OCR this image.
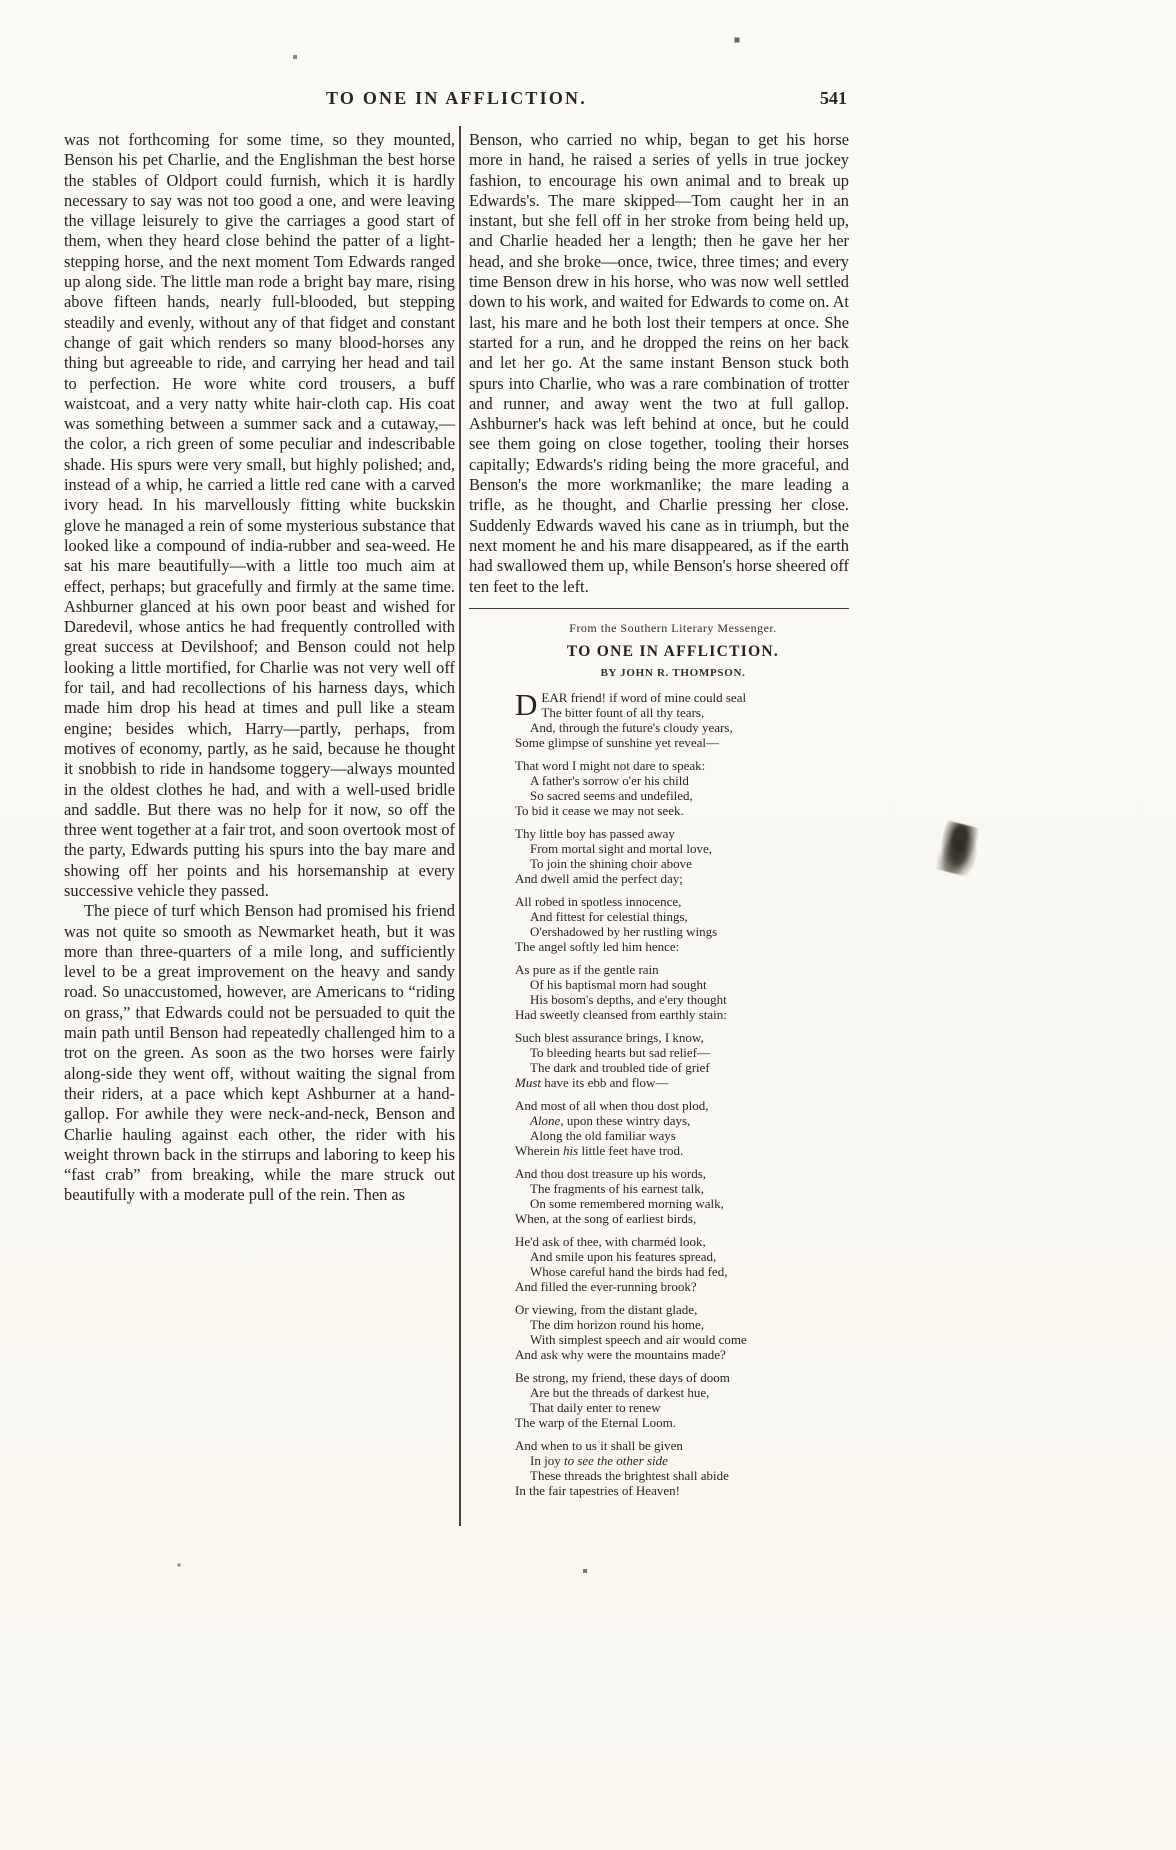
TO ONE IN AFFLICTION.	541

was not forthcoming for some time, so they mounted, Benson his pet Charlie, and the Englishman the best horse the stables of Oldport could furnish, which it is hardly necessary to say was not too good a one, and were leaving the village leisurely to give the carriages a good start of them, when they heard close behind the patter of a light-stepping horse, and the next moment Tom Edwards ranged up along side. The little man rode a bright bay mare, rising above fifteen hands, nearly full-blooded, but stepping steadily and evenly, without any of that fidget and constant change of gait which renders so many blood-horses any thing but agreeable to ride, and carrying her head and tail to perfection. He wore white cord trousers, a buff waistcoat, and a very natty white hair-cloth cap. His coat was something between a summer sack and a cutaway,—the color, a rich green of some peculiar and indescribable shade. His spurs were very small, but highly polished; and, instead of a whip, he carried a little red cane with a carved ivory head. In his marvellously fitting white buckskin glove he managed a rein of some mysterious substance that looked like a compound of india-rubber and sea-weed. He sat his mare beautifully—with a little too much aim at effect, perhaps; but gracefully and firmly at the same time. Ashburner glanced at his own poor beast and wished for Daredevil, whose antics he had frequently controlled with great success at Devilshoof; and Benson could not help looking a little mortified, for Charlie was not very well off for tail, and had recollections of his harness days, which made him drop his head at times and pull like a steam engine; besides which, Harry—partly, perhaps, from motives of economy, partly, as he said, because he thought it snobbish to ride in handsome toggery—always mounted in the oldest clothes he had, and with a well-used bridle and saddle. But there was no help for it now, so off the three went together at a fair trot, and soon overtook most of the party, Edwards putting his spurs into the bay mare and showing off her points and his horsemanship at every successive vehicle they passed.

The piece of turf which Benson had promised his friend was not quite so smooth as Newmarket heath, but it was more than three-quarters of a mile long, and sufficiently level to be a great improvement on the heavy and sandy road. So unaccustomed, however, are Americans to “riding on grass,” that Edwards could not be persuaded to quit the main path until Benson had repeatedly challenged him to a trot on the green. As soon as the two horses were fairly along-side they went off, without waiting the signal from their riders, at a pace which kept Ashburner at a hand-gallop. For awhile they were neck-and-neck, Benson and Charlie hauling against each other, the rider with his weight thrown back in the stirrups and laboring to keep his “fast crab” from breaking, while the mare struck out beautifully with a moderate pull of the rein. Then as

Benson, who carried no whip, began to get his horse more in hand, he raised a series of yells in true jockey fashion, to encourage his own animal and to break up Edwards's. The mare skipped—Tom caught her in an instant, but she fell off in her stroke from being held up, and Charlie headed her a length; then he gave her her head, and she broke—once, twice, three times; and every time Benson drew in his horse, who was now well settled down to his work, and waited for Edwards to come on. At last, his mare and he both lost their tempers at once. She started for a run, and he dropped the reins on her back and let her go. At the same instant Benson stuck both spurs into Charlie, who was a rare combination of trotter and runner, and away went the two at full gallop. Ashburner's hack was left behind at once, but he could see them going on close together, tooling their horses capitally; Edwards's riding being the more graceful, and Benson's the more workmanlike; the mare leading a trifle, as he thought, and Charlie pressing her close. Suddenly Edwards waved his cane as in triumph, but the next moment he and his mare disappeared, as if the earth had swallowed them up, while Benson's horse sheered off ten feet to the left.

From the Southern Literary Messenger.
TO ONE IN AFFLICTION.
BY JOHN R. THOMPSON.
D EAR friend! if word of mine could seal
The bitter fount of all thy tears,
And, through the future's cloudy years,
Some glimpse of sunshine yet reveal—
That word I might not dare to speak:
A father's sorrow o'er his child
So sacred seems and undefiled,
To bid it cease we may not seek.
Thy little boy has passed away
From mortal sight and mortal love,
To join the shining choir above
And dwell amid the perfect day;
All robed in spotless innocence,
And fittest for celestial things,
O'ershadowed by her rustling wings
The angel softly led him hence:
As pure as if the gentle rain
Of his baptismal morn had sought
His bosom's depths, and e'ery thought
Had sweetly cleansed from earthly stain:
Such blest assurance brings, I know,
To bleeding hearts but sad relief—
The dark and troubled tide of grief
Must have its ebb and flow—
And most of all when thou dost plod,
Alone, upon these wintry days,
Along the old familiar ways
Wherein his little feet have trod.
And thou dost treasure up his words,
The fragments of his earnest talk,
On some remembered morning walk,
When, at the song of earliest birds,
He'd ask of thee, with charméd look,
And smile upon his features spread,
Whose careful hand the birds had fed,
And filled the ever-running brook?
Or viewing, from the distant glade,
The dim horizon round his home,
With simplest speech and air would come
And ask why were the mountains made?
Be strong, my friend, these days of doom
Are but the threads of darkest hue,
That daily enter to renew
The warp of the Eternal Loom.
And when to us it shall be given
In joy to see the other side
These threads the brightest shall abide
In the fair tapestries of Heaven!
